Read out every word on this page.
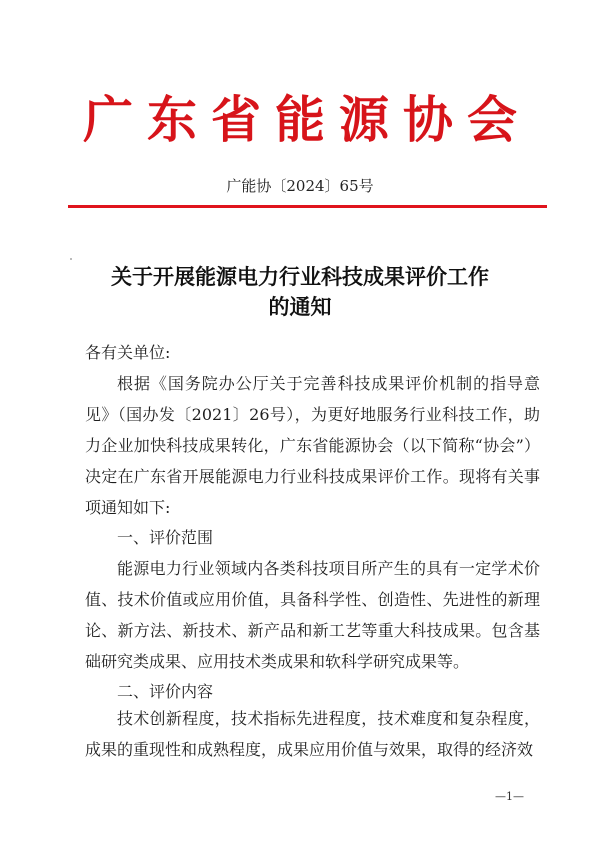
广东省能源协会
广能协〔2024〕65号
关于开展能源电力行业科技成果评价工作
的通知
各有关单位:
根据《国务院办公厅关于完善科技成果评价机制的指导意见》（国办发〔2021〕26号），为更好地服务行业科技工作，助力企业加快科技成果转化，广东省能源协会（以下简称“协会”）决定在广东省开展能源电力行业科技成果评价工作。现将有关事项通知如下:
一、评价范围
能源电力行业领域内各类科技项目所产生的具有一定学术价值、技术价值或应用价值，具备科学性、创造性、先进性的新理论、新方法、新技术、新产品和新工艺等重大科技成果。包含基础研究类成果、应用技术类成果和软科学研究成果等。
二、评价内容
技术创新程度，技术指标先进程度，技术难度和复杂程度，成果的重现性和成熟程度，成果应用价值与效果，取得的经济效
—1—
